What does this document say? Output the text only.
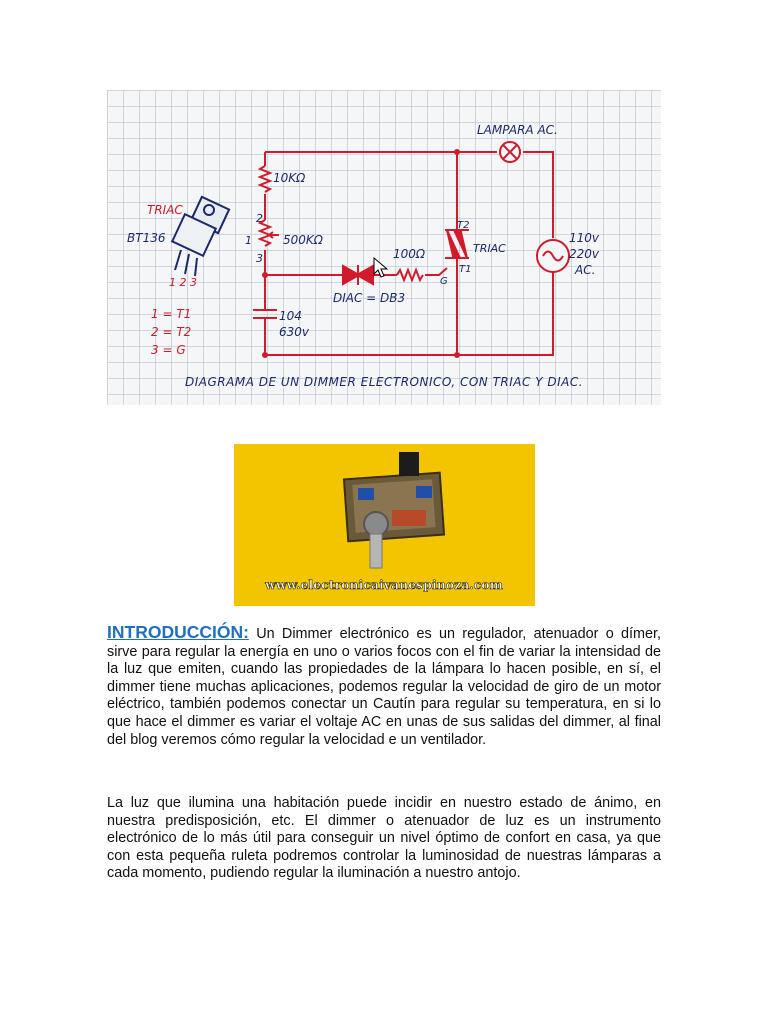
LAMPARA AC.
10KΩ
TRIAC
BT136
1 2 3
1
2
3
500KΩ
100Ω	TRIAC
T2
T1
G
DIAC = DB3
104
630v
110v
220v
AC.
1 = T1
2 = T2
3 = G
DIAGRAMA DE UN DIMMER ELECTRONICO, CON TRIAC Y DIAC.
www.electronicaivanespinoza.com
INTRODUCCIÓN: Un Dimmer electrónico es un regulador, atenuador o dímer, sirve para regular la energía en uno o varios focos con el fin de variar la intensidad de la luz que emiten, cuando las propiedades de la lámpara lo hacen posible, en sí, el dimmer tiene muchas aplicaciones, podemos regular la velocidad de giro de un motor eléctrico, también podemos conectar un Cautín para regular su temperatura, en si lo que hace el dimmer es variar el voltaje AC en unas de sus salidas del dimmer, al final del blog veremos cómo regular la velocidad e un ventilador.
La luz que ilumina una habitación puede incidir en nuestro estado de ánimo, en nuestra predisposición, etc. El dimmer o atenuador de luz es un instrumento electrónico de lo más útil para conseguir un nivel óptimo de confort en casa, ya que con esta pequeña ruleta podremos controlar la luminosidad de nuestras lámparas a cada momento, pudiendo regular la iluminación a nuestro antojo.
